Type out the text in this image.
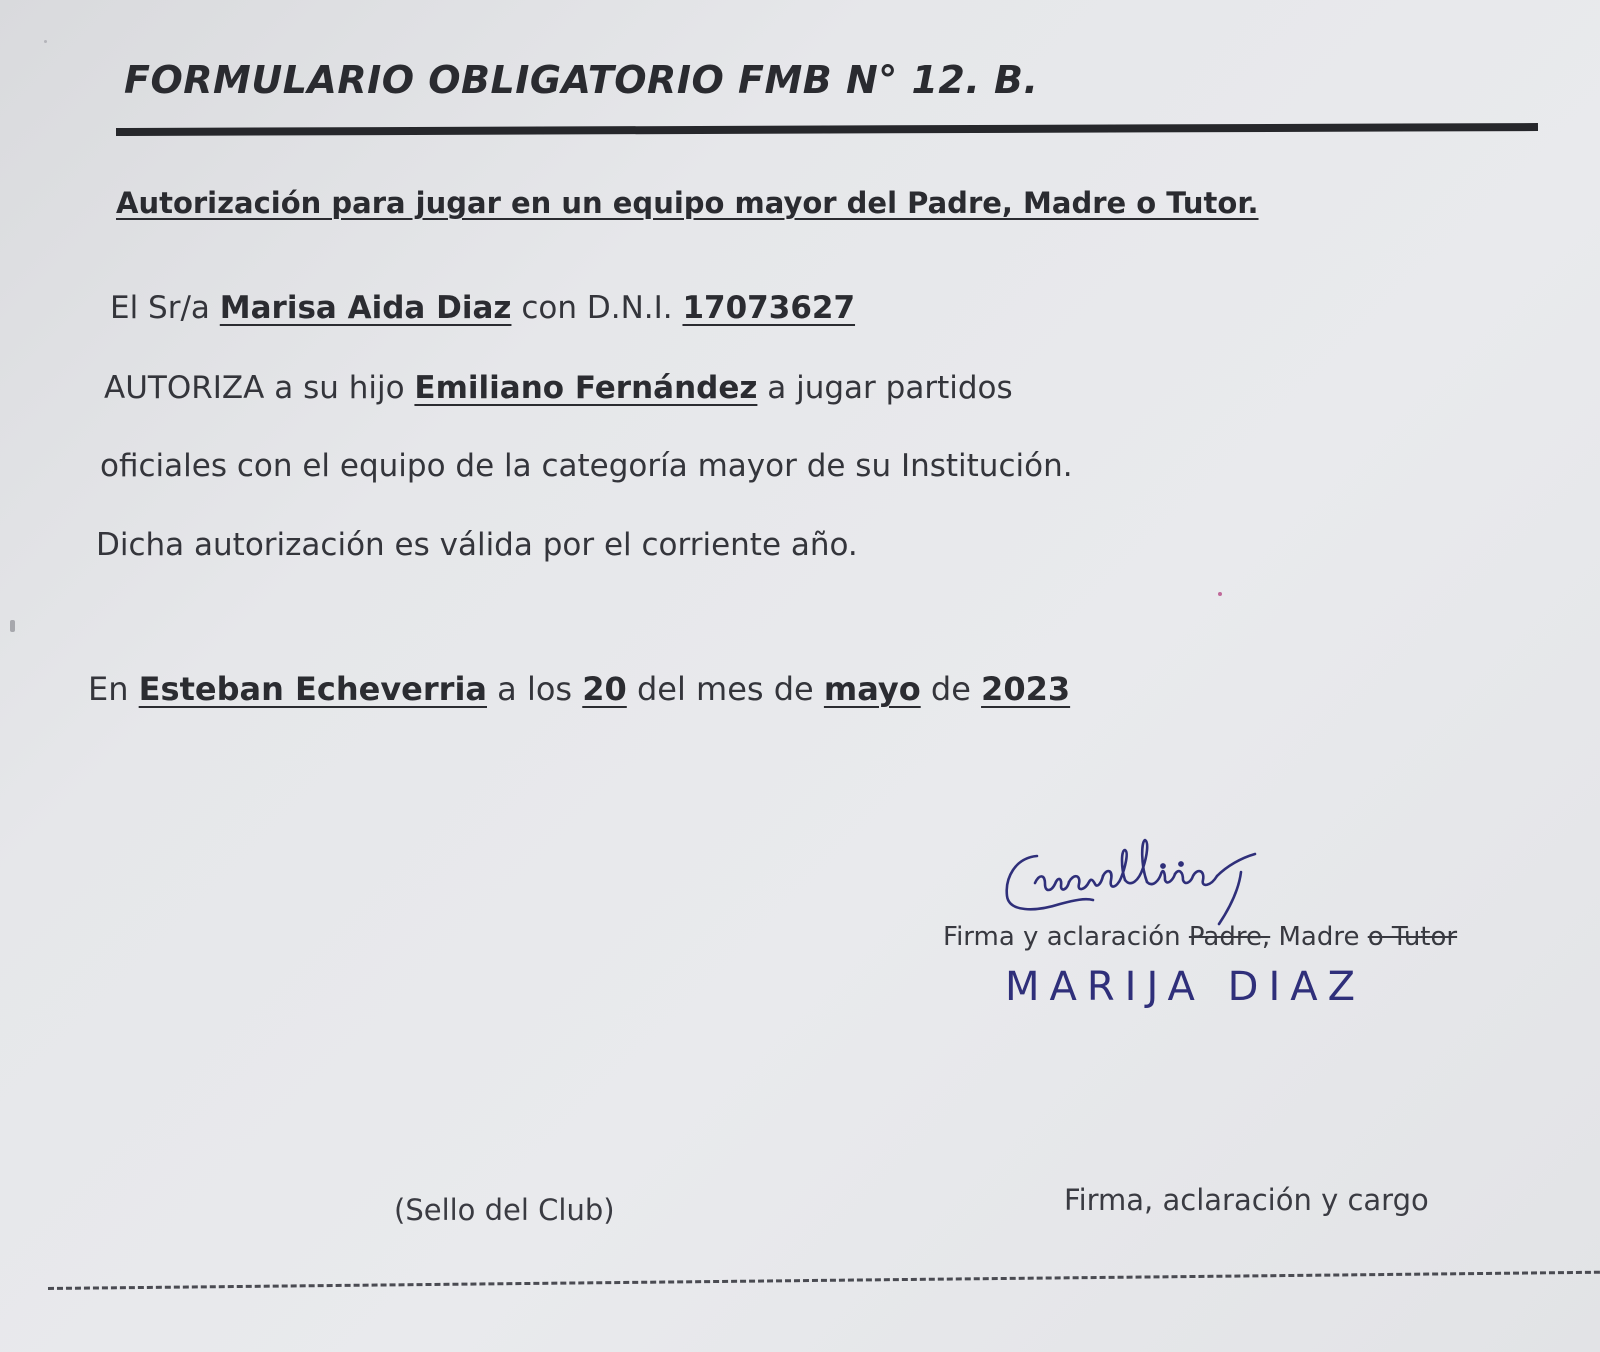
FORMULARIO OBLIGATORIO FMB N° 12. B.
Autorización para jugar en un equipo mayor del Padre, Madre o Tutor.
El Sr/a Marisa Aida Diaz con D.N.I. 17073627
AUTORIZA a su hijo Emiliano Fernández a jugar partidos
oficiales con el equipo de la categoría mayor de su Institución.
Dicha autorización es válida por el corriente año.
En Esteban Echeverria a los 20 del mes de mayo de 2023
Firma y aclaración Padre, Madre o Tutor
MARIJA DIAZ
(Sello del Club)	Firma, aclaración y cargo
